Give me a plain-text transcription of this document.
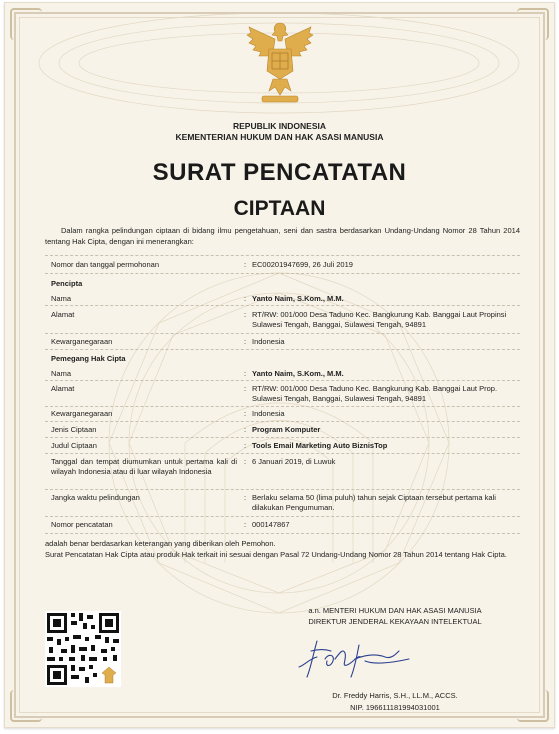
REPUBLIK INDONESIA
KEMENTERIAN HUKUM DAN HAK ASASI MANUSIA
SURAT PENCATATAN
CIPTAAN
Dalam rangka pelindungan ciptaan di bidang ilmu pengetahuan, seni dan sastra berdasarkan Undang-Undang Nomor 28 Tahun 2014 tentang Hak Cipta, dengan ini menerangkan:
Nomor dan tanggal permohonan	: EC00201947699, 26 Juli 2019
Pencipta
Nama	: Yanto Naim, S.Kom., M.M.
Alamat	: RT/RW: 001/000 Desa Taduno Kec. Bangkurung Kab. Banggai Laut Propinsi Sulawesi Tengah, Banggai, Sulawesi Tengah, 94891
Kewarganegaraan	: Indonesia
Pemegang Hak Cipta
Nama	: Yanto Naim, S.Kom., M.M.
Alamat	: RT/RW: 001/000 Desa Taduno Kec. Bangkurung Kab. Banggai Laut Prop. Sulawesi Tengah, Banggai, Sulawesi Tengah, 94891
Kewarganegaraan	: Indonesia
Jenis Ciptaan	: Program Komputer
Judul Ciptaan	: Tools Email Marketing Auto BiznisTop
Tanggal dan tempat diumumkan untuk pertama kali di wilayah Indonesia atau di luar wilayah Indonesia
: 6 Januari 2019, di Luwuk
Jangka waktu pelindungan	: Berlaku selama 50 (lima puluh) tahun sejak Ciptaan tersebut pertama kali dilakukan Pengumuman.
Nomor pencatatan	: 000147867
adalah benar berdasarkan keterangan yang diberikan oleh Pemohon.
Surat Pencatatan Hak Cipta atau produk Hak terkait ini sesuai dengan Pasal 72 Undang-Undang Nomor 28 Tahun 2014 tentang Hak Cipta.
a.n. MENTERI HUKUM DAN HAK ASASI MANUSIA
DIREKTUR JENDERAL KEKAYAAN INTELEKTUAL
Dr. Freddy Harris, S.H., LL.M., ACCS.
NIP. 196611181994031001
